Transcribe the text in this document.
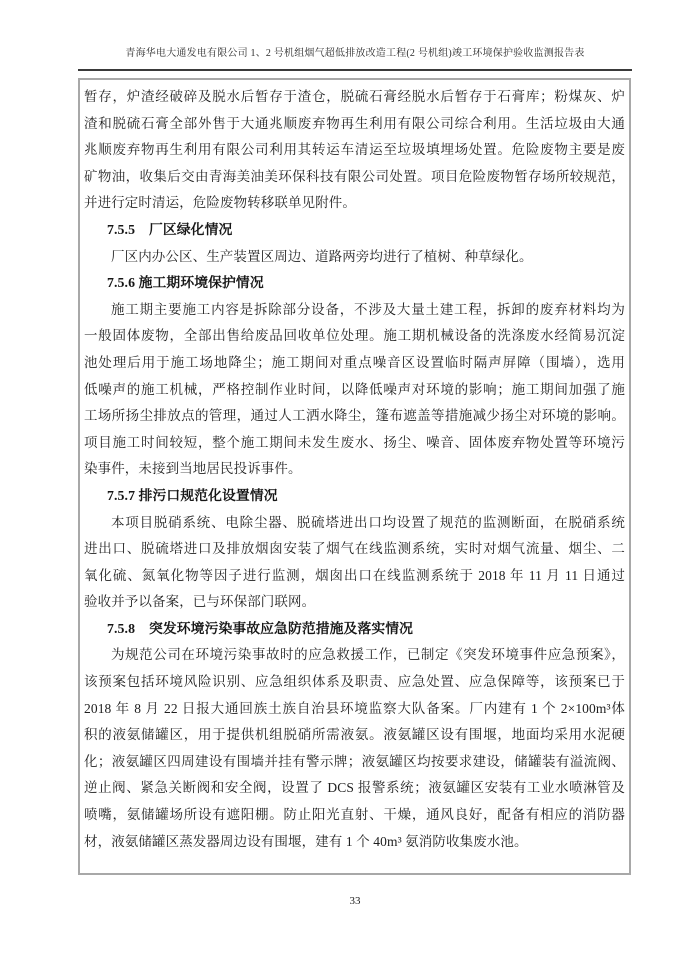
青海华电大通发电有限公司 1、2 号机组烟气超低排放改造工程(2 号机组)竣工环境保护验收监测报告表
暂存，炉渣经破碎及脱水后暂存于渣仓，脱硫石膏经脱水后暂存于石膏库；粉煤灰、炉
渣和脱硫石膏全部外售于大通兆顺废弃物再生利用有限公司综合利用。生活垃圾由大通
兆顺废弃物再生利用有限公司利用其转运车清运至垃圾填埋场处置。危险废物主要是废
矿物油，收集后交由青海美油美环保科技有限公司处置。项目危险废物暂存场所较规范，
并进行定时清运，危险废物转移联单见附件。
7.5.5　厂区绿化情况
厂区内办公区、生产装置区周边、道路两旁均进行了植树、种草绿化。
7.5.6 施工期环境保护情况
施工期主要施工内容是拆除部分设备，不涉及大量土建工程，拆卸的废弃材料均为
一般固体废物，全部出售给废品回收单位处理。施工期机械设备的洗涤废水经简易沉淀
池处理后用于施工场地降尘；施工期间对重点噪音区设置临时隔声屏障（围墙），选用
低噪声的施工机械，严格控制作业时间，以降低噪声对环境的影响；施工期间加强了施
工场所扬尘排放点的管理，通过人工洒水降尘，篷布遮盖等措施减少扬尘对环境的影响。
项目施工时间较短，整个施工期间未发生废水、扬尘、噪音、固体废弃物处置等环境污
染事件，未接到当地居民投诉事件。
7.5.7 排污口规范化设置情况
本项目脱硝系统、电除尘器、脱硫塔进出口均设置了规范的监测断面，在脱硝系统
进出口、脱硫塔进口及排放烟囱安装了烟气在线监测系统，实时对烟气流量、烟尘、二
氧化硫、氮氧化物等因子进行监测，烟囱出口在线监测系统于 2018 年 11 月 11 日通过
验收并予以备案，已与环保部门联网。
7.5.8　突发环境污染事故应急防范措施及落实情况
为规范公司在环境污染事故时的应急救援工作，已制定《突发环境事件应急预案》，
该预案包括环境风险识别、应急组织体系及职责、应急处置、应急保障等，该预案已于
2018 年 8 月 22 日报大通回族土族自治县环境监察大队备案。厂内建有 1 个 2×100m³体
积的液氨储罐区，用于提供机组脱硝所需液氨。液氨罐区设有围堰，地面均采用水泥硬
化；液氨罐区四周建设有围墙并挂有警示牌；液氨罐区均按要求建设，储罐装有溢流阀、
逆止阀、紧急关断阀和安全阀，设置了 DCS 报警系统；液氨罐区安装有工业水喷淋管及
喷嘴，氨储罐场所设有遮阳棚。防止阳光直射、干燥，通风良好，配备有相应的消防器
材，液氨储罐区蒸发器周边设有围堰，建有 1 个 40m³ 氨消防收集废水池。
33
